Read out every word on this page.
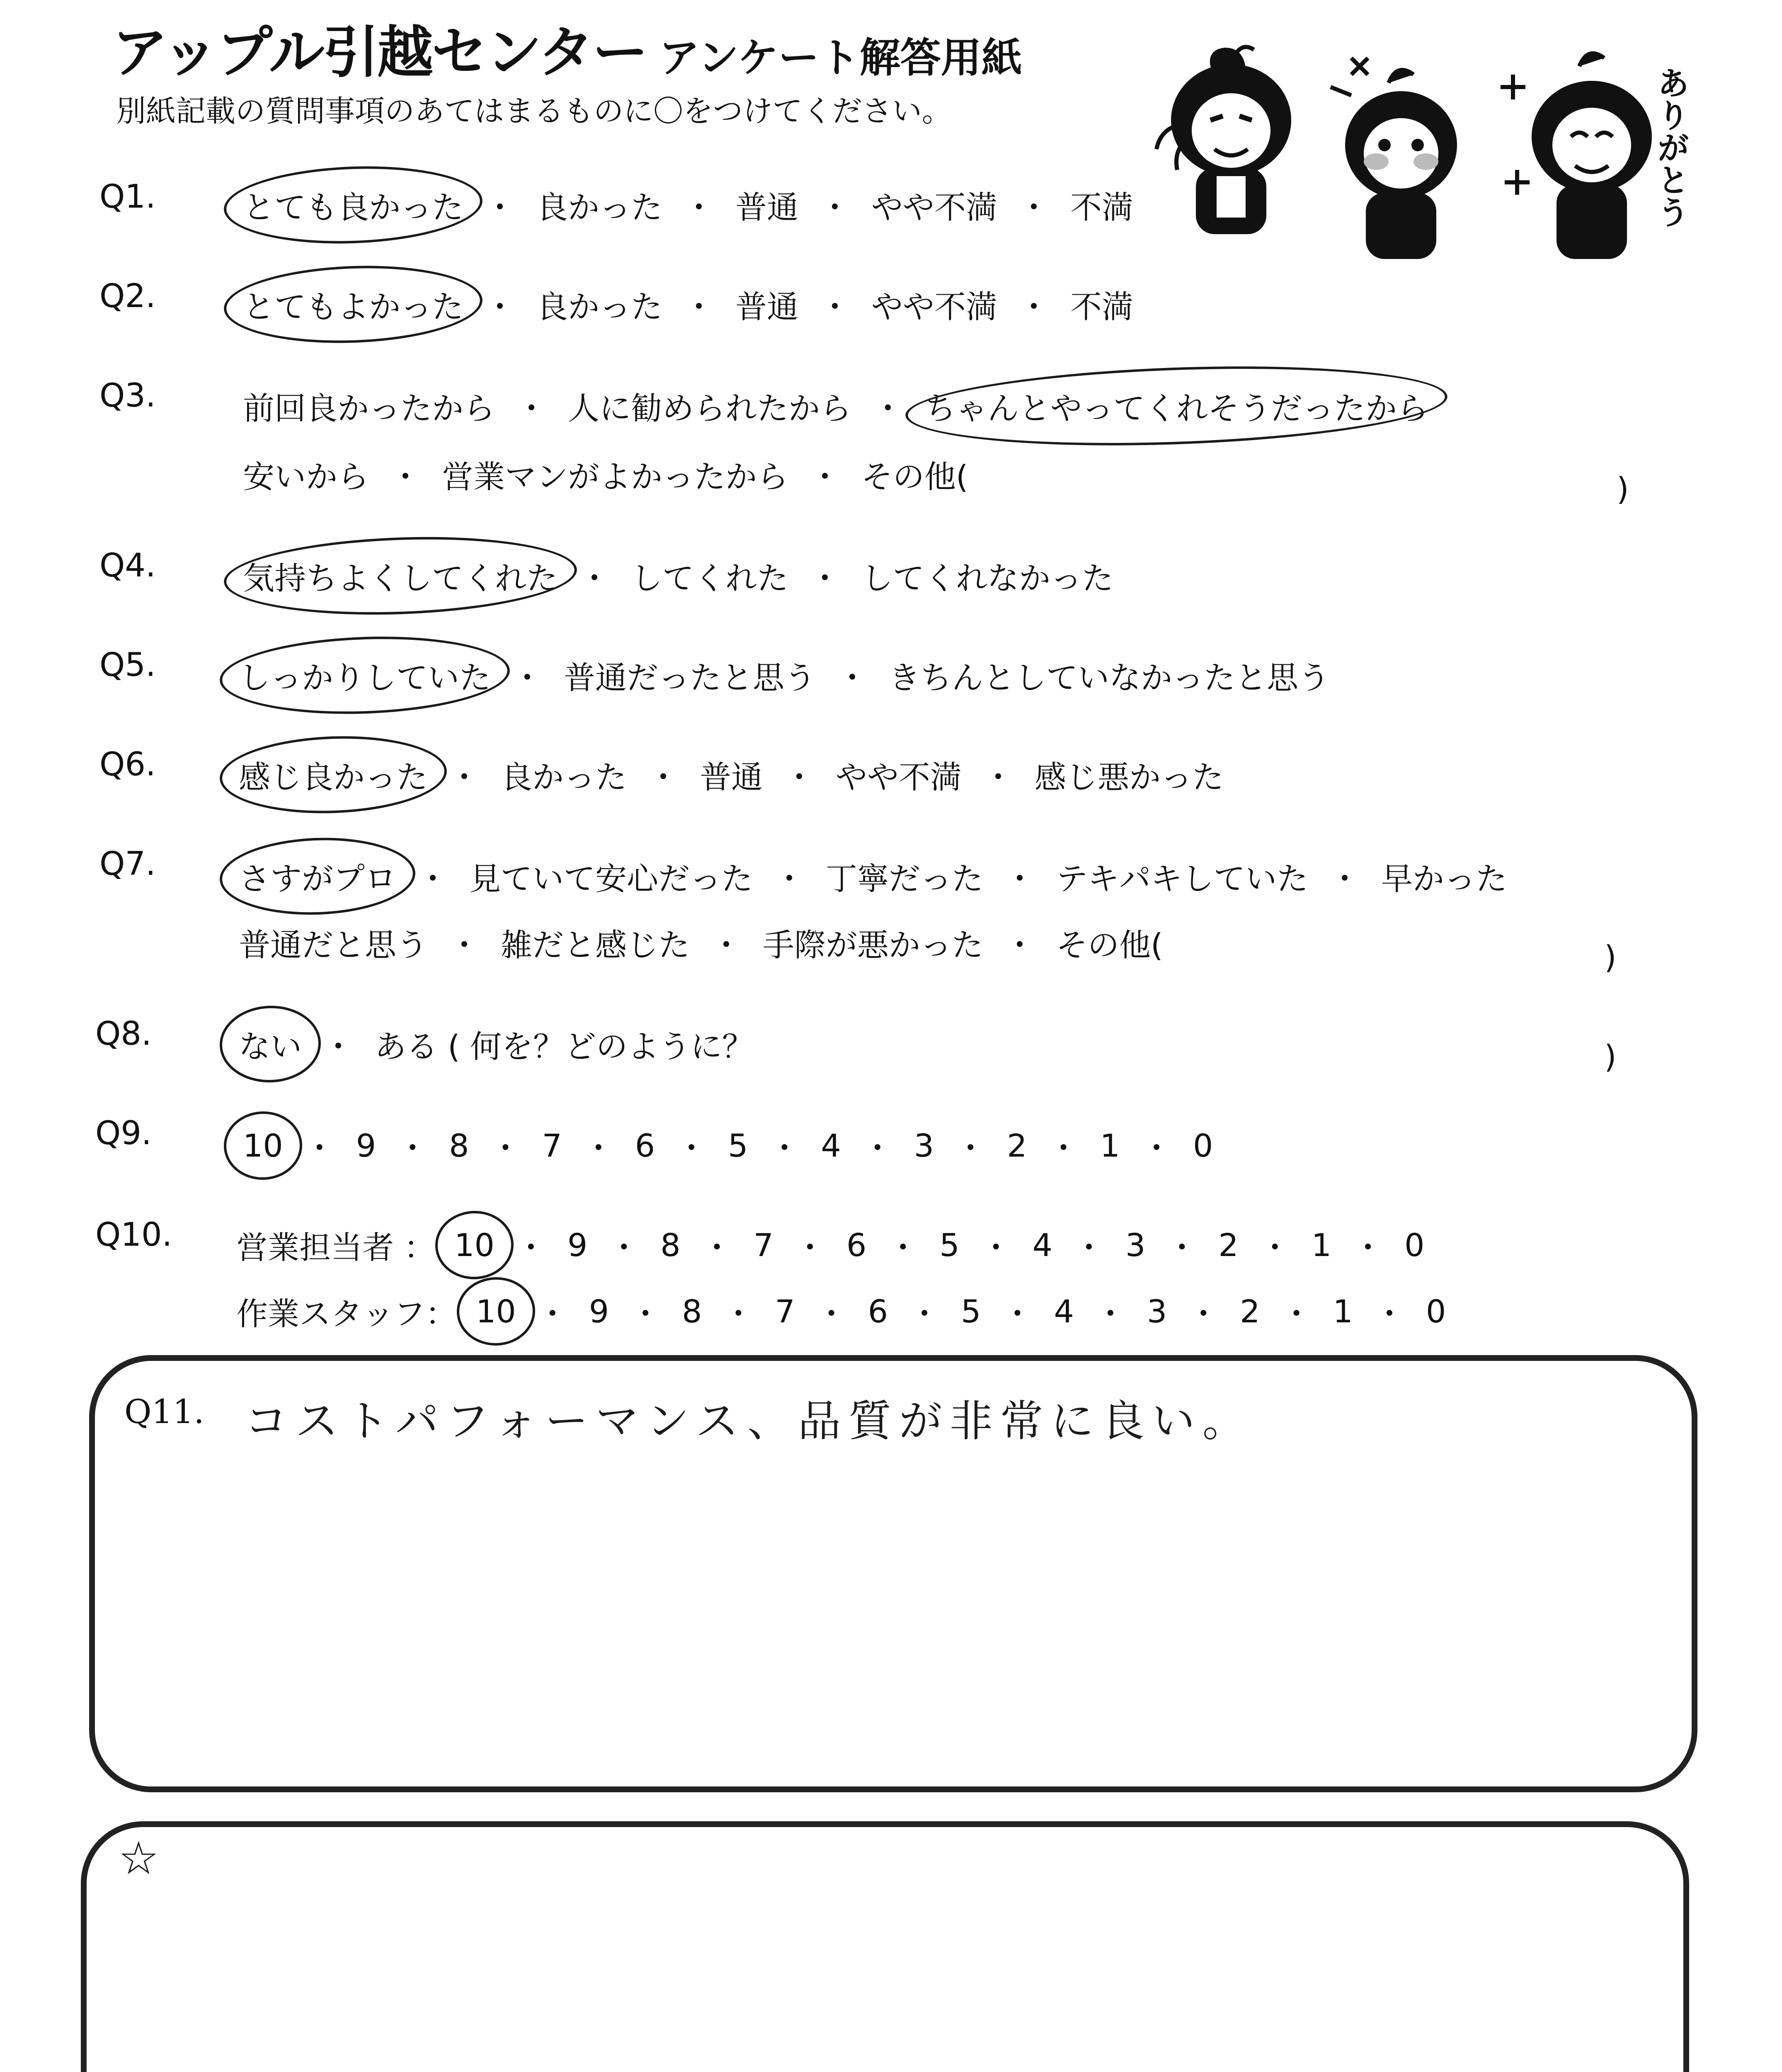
アップル引越センター アンケート解答用紙
別紙記載の質問事項のあてはまるものに〇をつけてください。	ありがとう
Q1.	とても良かった ・ 良かった ・ 普通 ・ やや不満 ・ 不満
Q2.	とてもよかった ・ 良かった ・ 普通 ・ やや不満 ・ 不満
Q3.	前回良かったから ・ 人に勧められたから ・ ちゃんとやってくれそうだったから
安いから ・ 営業マンがよかったから ・ その他(	)
Q4.	気持ちよくしてくれた ・ してくれた ・ してくれなかった
Q5.	しっかりしていた ・ 普通だったと思う ・ きちんとしていなかったと思う
Q6.	感じ良かった ・ 良かった ・ 普通 ・ やや不満 ・ 感じ悪かった
Q7.	さすがプロ ・ 見ていて安心だった ・ 丁寧だった ・ テキパキしていた ・ 早かった
普通だと思う ・ 雑だと感じた ・ 手際が悪かった ・ その他(	)
Q8.	ない ・ ある ( 何を？どのように？	)
Q9.	10 ・ 9 ・ 8 ・ 7 ・ 6 ・ 5 ・ 4 ・ 3 ・ 2 ・ 1 ・ 0
Q10. 営業担当者 ： 10 ・ 9 ・ 8 ・ 7 ・ 6 ・ 5 ・ 4 ・ 3 ・ 2 ・ 1 ・ 0
作業スタッフ： 10 ・ 9 ・ 8 ・ 7 ・ 6 ・ 5 ・ 4 ・ 3 ・ 2 ・ 1 ・ 0
Q11. コストパフォーマンス、品質が非常に良い。
☆
